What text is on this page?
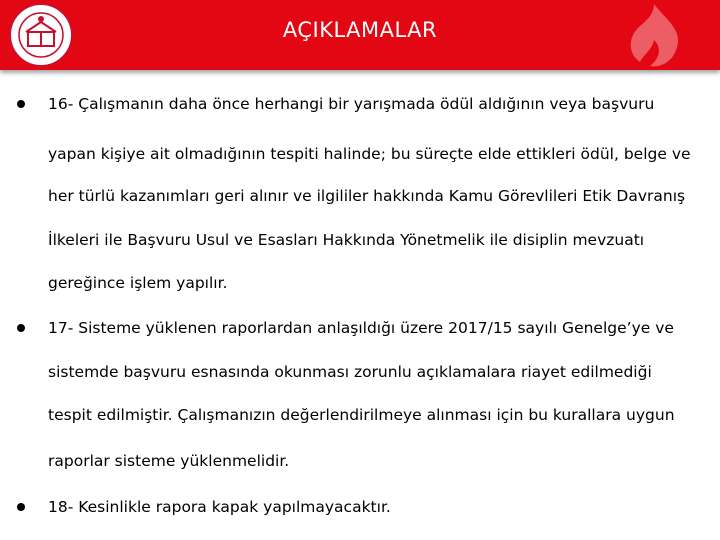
AÇIKLAMALAR
16- Çalışmanın daha önce herhangi bir yarışmada ödül aldığının veya başvuru
yapan kişiye ait olmadığının tespiti halinde; bu süreçte elde ettikleri ödül, belge ve
her türlü kazanımları geri alınır ve ilgililer hakkında Kamu Görevlileri Etik Davranış
İlkeleri ile Başvuru Usul ve Esasları Hakkında Yönetmelik ile disiplin mevzuatı
gereğince işlem yapılır.
17- Sisteme yüklenen raporlardan anlaşıldığı üzere 2017/15 sayılı Genelge’ye ve
sistemde başvuru esnasında okunması zorunlu açıklamalara riayet edilmediği
tespit edilmiştir. Çalışmanızın değerlendirilmeye alınması için bu kurallara uygun
raporlar sisteme yüklenmelidir.
18- Kesinlikle rapora kapak yapılmayacaktır.
